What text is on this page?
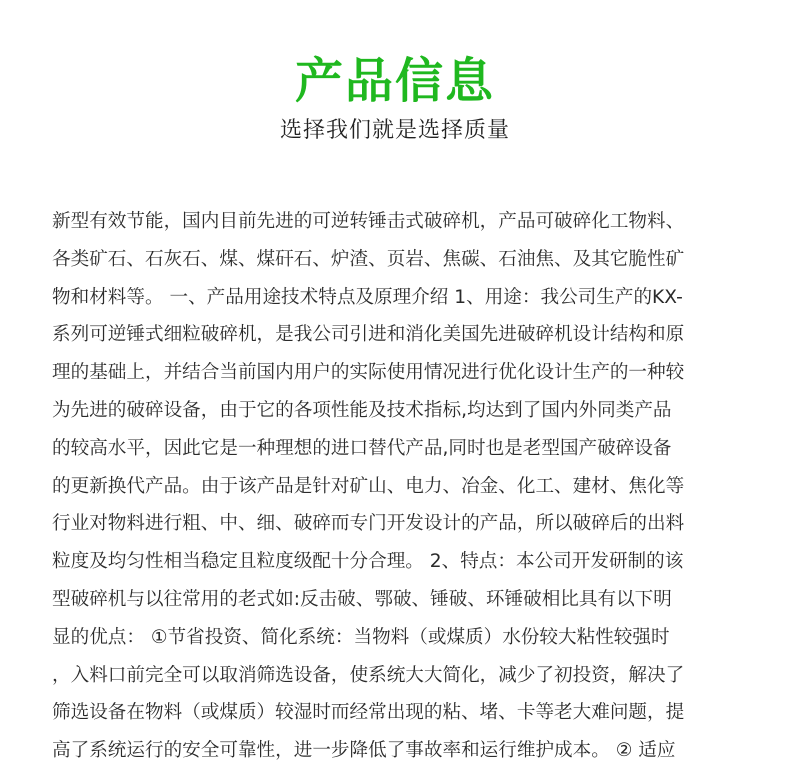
产品信息

选择我们就是选择质量

新型有效节能，国内目前先进的可逆转锤击式破碎机，产品可破碎化工物料、

各类矿石、石灰石、煤、煤矸石、炉渣、页岩、焦碳、石油焦、及其它脆性矿

物和材料等。 一、产品用途技术特点及原理介绍 1、用途：我公司生产的KX-

系列可逆锤式细粒破碎机，是我公司引进和消化美国先进破碎机设计结构和原

理的基础上，并结合当前国内用户的实际使用情况进行优化设计生产的一种较

为先进的破碎设备，由于它的各项性能及技术指标,均达到了国内外同类产品

的较高水平，因此它是一种理想的进口替代产品,同时也是老型国产破碎设备

的更新换代产品。由于该产品是针对矿山、电力、冶金、化工、建材、焦化等

行业对物料进行粗、中、细、破碎而专门开发设计的产品，所以破碎后的出料

粒度及均匀性相当稳定且粒度级配十分合理。 2、特点：本公司开发研制的该

型破碎机与以往常用的老式如:反击破、鄂破、锤破、环锤破相比具有以下明

显的优点： ①节省投资、简化系统：当物料（或煤质）水份较大粘性较强时

，入料口前完全可以取消筛选设备，使系统大大简化，减少了初投资，解决了

筛选设备在物料（或煤质）较湿时而经常出现的粘、堵、卡等老大难问题，提

高了系统运行的安全可靠性，进一步降低了事故率和运行维护成本。 ② 适应
